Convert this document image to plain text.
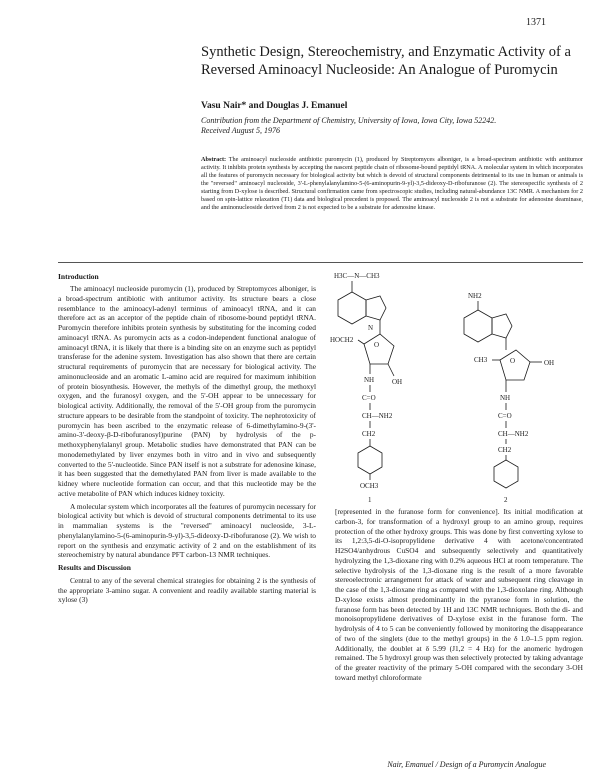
1371
Synthetic Design, Stereochemistry, and Enzymatic Activity of a Reversed Aminoacyl Nucleoside: An Analogue of Puromycin
Vasu Nair* and Douglas J. Emanuel
Contribution from the Department of Chemistry, University of Iowa, Iowa City, Iowa 52242.
Received August 5, 1976

Abstract: The aminoacyl nucleoside antibiotic puromycin (1), produced by Streptomyces alboniger, is a broad-spectrum antibiotic with antitumor activity. It inhibits protein synthesis by accepting the nascent peptide chain of ribosome-bound peptidyl tRNA. A molecular system in which incorporates all the features of puromycin necessary for biological activity but which is devoid of structural components detrimental to its use in human or animals is the "reversed" aminoacyl nucleoside, 3'-L-phenylalanylamino-5-(6-aminopurin-9-yl)-3,5-dideoxy-D-ribofuranose (2). The stereospecific synthesis of 2 starting from D-xylose is described. Structural confirmation came from spectroscopic studies, including natural-abundance 13C NMR. A mechanism for 2 based on spin-lattice relaxation (T1) data and biological precedent is proposed. The aminoacyl nucleoside 2 is not a substrate for adenosine deaminase, and the aminonucleoside derived from 2 is not expected to be a substrate for adenosine kinase.

Introduction

The aminoacyl nucleoside puromycin (1), produced by Streptomyces alboniger, is a broad-spectrum antibiotic with antitumor activity. Its structure bears a close resemblance to the aminoacyl-adenyl terminus of aminoacyl tRNA, and it can therefore act as an acceptor of the peptide chain of ribosome-bound peptidyl tRNA. Puromycin therefore inhibits protein synthesis by substituting for the incoming coded aminoacyl tRNA. As puromycin acts as a codon-independent functional analogue of aminoacyl tRNA, it is likely that there is a binding site on an enzyme such as peptidyl transferase for the adenine system. Investigation has also shown that there are certain structural requirements of puromycin that are necessary for biological activity. The aminonucleoside and an aromatic L-amino acid are required for maximum inhibition of protein biosynthesis. However, the methyls of the dimethyl group, the methoxyl oxygen, and the furanosyl oxygen, and the 5'-OH appear to be unnecessary for biological activity. Additionally, the removal of the 5'-OH group from the puromycin structure appears to be desirable from the standpoint of toxicity. The nephrotoxicity of puromycin has been ascribed to the enzymatic release of 6-dimethylamino-9-(3'-amino-3'-deoxy-β-D-ribofuranosyl)purine (PAN) by hydrolysis of the p-methoxyphenylalanyl group. Metabolic studies have demonstrated that PAN can be monodemethylated by liver enzymes both in vitro and in vivo and subsequently converted to the 5'-nucleotide. Since PAN itself is not a substrate for adenosine kinase, it has been suggested that the demethylated PAN from liver is made available to the kidney where nucleotide formation can occur, and that this nucleotide may be the active metabolite of PAN which induces kidney toxicity.

A molecular system which incorporates all the features of puromycin necessary for biological activity but which is devoid of structural components detrimental to its use in mammalian systems is the "reversed" aminoacyl nucleoside, 3-L-phenylalanylamino-5-(6-aminopurin-9-yl)-3,5-dideoxy-D-ribofuranose (2). We wish to report on the synthesis and enzymatic activity of 2 and on the establishment of its stereochemistry by natural abundance PFT carbon-13 NMR techniques.

Results and Discussion

Central to any of the several chemical strategies for obtaining 2 is the synthesis of the appropriate 3-amino sugar. A convenient and readily available starting material is xylose (3)

H3C—N—CH3
N
HOCH2
O
OH
NH
C=O
CH—NH2
CH2
OCH3
1
NH2
CH3	O	OH
NH
C=O
CH—NH2
CH2
2

[represented in the furanose form for convenience]. Its initial modification at carbon-3, for transformation of a hydroxyl group to an amino group, requires protection of the other hydroxy groups. This was done by first converting xylose to its 1,2:3,5-di-O-isopropylidene derivative 4 with acetone/concentrated H2SO4/anhydrous CuSO4 and subsequently selectively and quantitatively hydrolyzing the 1,3-dioxane ring with 0.2% aqueous HCl at room temperature. The selective hydrolysis of the 1,3-dioxane ring is the result of a more favorable stereoelectronic arrangement for attack of water and subsequent ring cleavage in the case of the 1,3-dioxane ring as compared with the 1,3-dioxolane ring. Although D-xylose exists almost predominantly in the pyranose form in solution, the furanose form has been detected by 1H and 13C NMR techniques. Both the di- and monoisopropylidene derivatives of D-xylose exist in the furanose form. The hydrolysis of 4 to 5 can be conveniently followed by monitoring the disappearance of two of the singlets (due to the methyl groups) in the δ 1.0–1.5 ppm region. Additionally, the doublet at δ 5.99 (J1,2 = 4 Hz) for the anomeric hydrogen remained. The 5 hydroxyl group was then selectively protected by taking advantage of the greater reactivity of the primary 5-OH compared with the secondary 3-OH toward methyl chloroformate

Nair, Emanuel / Design of a Puromycin Analogue
